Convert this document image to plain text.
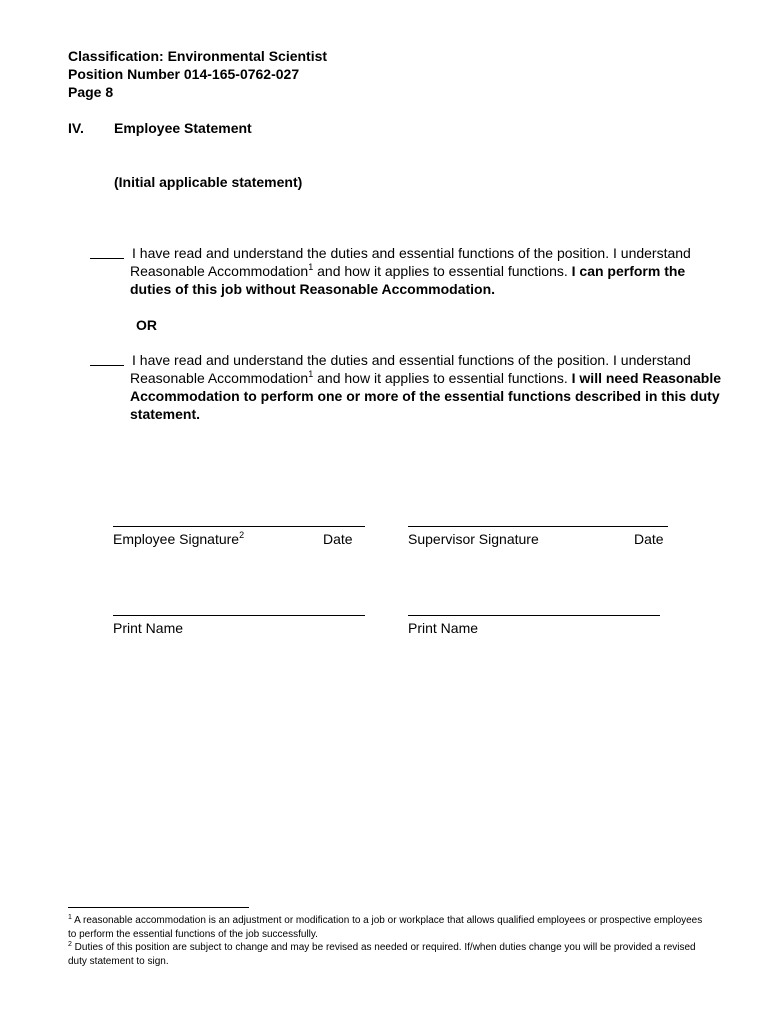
Classification: Environmental Scientist
Position Number 014-165-0762-027
Page 8
IV. Employee Statement
(Initial applicable statement)
I have read and understand the duties and essential functions of the position. I understand Reasonable Accommodation$^1$ and how it applies to essential functions. I can perform the duties of this job without Reasonable Accommodation.
OR
I have read and understand the duties and essential functions of the position. I understand Reasonable Accommodation$^1$ and how it applies to essential functions. I will need Reasonable Accommodation to perform one or more of the essential functions described in this duty statement.
Employee Signature$^2$	Date	Supervisor Signature	Date
Print Name	Print Name
$^1$ A reasonable accommodation is an adjustment or modification to a job or workplace that allows qualified employees or prospective employees to perform the essential functions of the job successfully.
$^2$ Duties of this position are subject to change and may be revised as needed or required. If/when duties change you will be provided a revised duty statement to sign.
